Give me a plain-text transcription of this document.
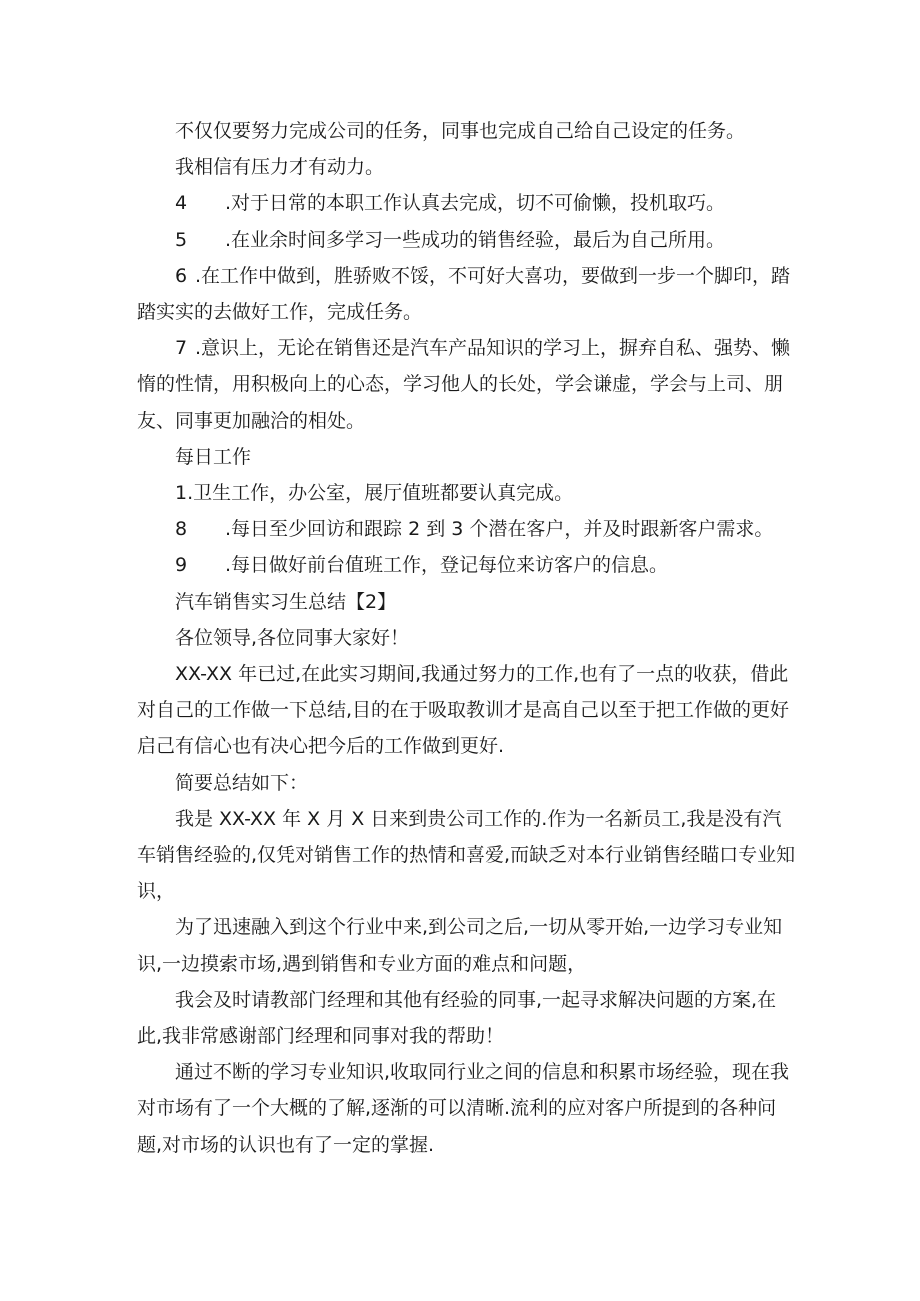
不仅仅要努力完成公司的任务，同事也完成自己给自己设定的任务。

我相信有压力才有动力。

4 .对于日常的本职工作认真去完成，切不可偷懒，投机取巧。

5 .在业余时间多学习一些成功的销售经验，最后为自己所用。

6 .在工作中做到，胜骄败不馁，不可好大喜功，要做到一步一个脚印，踏踏实实的去做好工作，完成任务。

7 .意识上，无论在销售还是汽车产品知识的学习上，摒弃自私、强势、懒惰的性情，用积极向上的心态，学习他人的长处，学会谦虚，学会与上司、朋友、同事更加融洽的相处。

每日工作

1.卫生工作，办公室，展厅值班都要认真完成。

8 .每日至少回访和跟踪 2 到 3 个潜在客户，并及时跟新客户需求。

9 .每日做好前台值班工作，登记每位来访客户的信息。

汽车销售实习生总结【2】

各位领导,各位同事大家好！

XX-XX 年已过,在此实习期间,我通过努力的工作,也有了一点的收获，借此对自己的工作做一下总结,目的在于吸取教训才是高自己以至于把工作做的更好启己有信心也有决心把今后的工作做到更好.

简要总结如下：

我是 XX-XX 年 X 月 X 日来到贵公司工作的.作为一名新员工,我是没有汽车销售经验的,仅凭对销售工作的热情和喜爱,而缺乏对本行业销售经瞄口专业知识，

为了迅速融入到这个行业中来,到公司之后,一切从零开始,一边学习专业知识,一边摸索市场,遇到销售和专业方面的难点和问题，

我会及时请教部门经理和其他有经验的同事,一起寻求解决问题的方案,在此,我非常感谢部门经理和同事对我的帮助！

通过不断的学习专业知识,收取同行业之间的信息和积累市场经验，现在我对市场有了一个大概的了解,逐渐的可以清晰.流利的应对客户所提到的各种问题,对市场的认识也有了一定的掌握.
